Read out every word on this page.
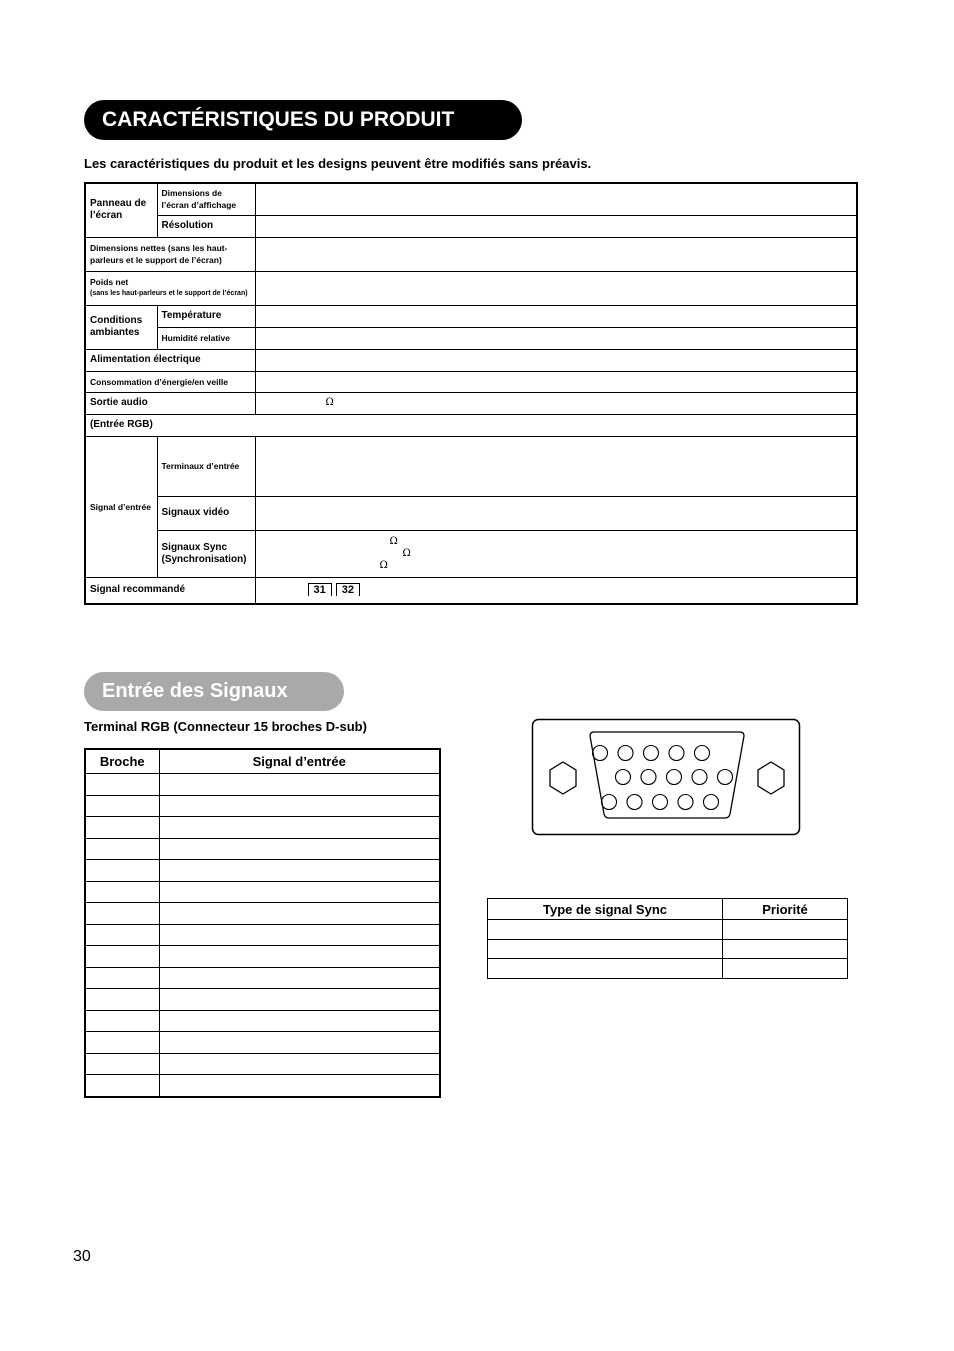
CARACTÉRISTIQUES DU PRODUIT
Les caractéristiques du produit et les designs peuvent être modifiés sans préavis.
Panneau de l’écran	Dimensions de l’écran d’affichage	
	Résolution	
Dimensions nettes (sans les haut-parleurs et le support de l’écran)		

Poids net
(sans les haut-parleurs et le support de l’écran)		

Conditions ambiantes	Température	
	Humidité relative	
Alimentation électrique		
Consommation d’énergie/en veille		
Sortie audio		Ω
(Entrée RGB)		
Signal d’entrée	Terminaux d’entrée	
	Signaux vidéo	
	Signaux Sync (Synchronisation)	Ω
Ω
Ω

Signal recommandé		31 32
Entrée des Signaux
Terminal RGB (Connecteur 15 broches D-sub)
Broche	Signal d’entrée

Type de signal Sync	Priorité

30
